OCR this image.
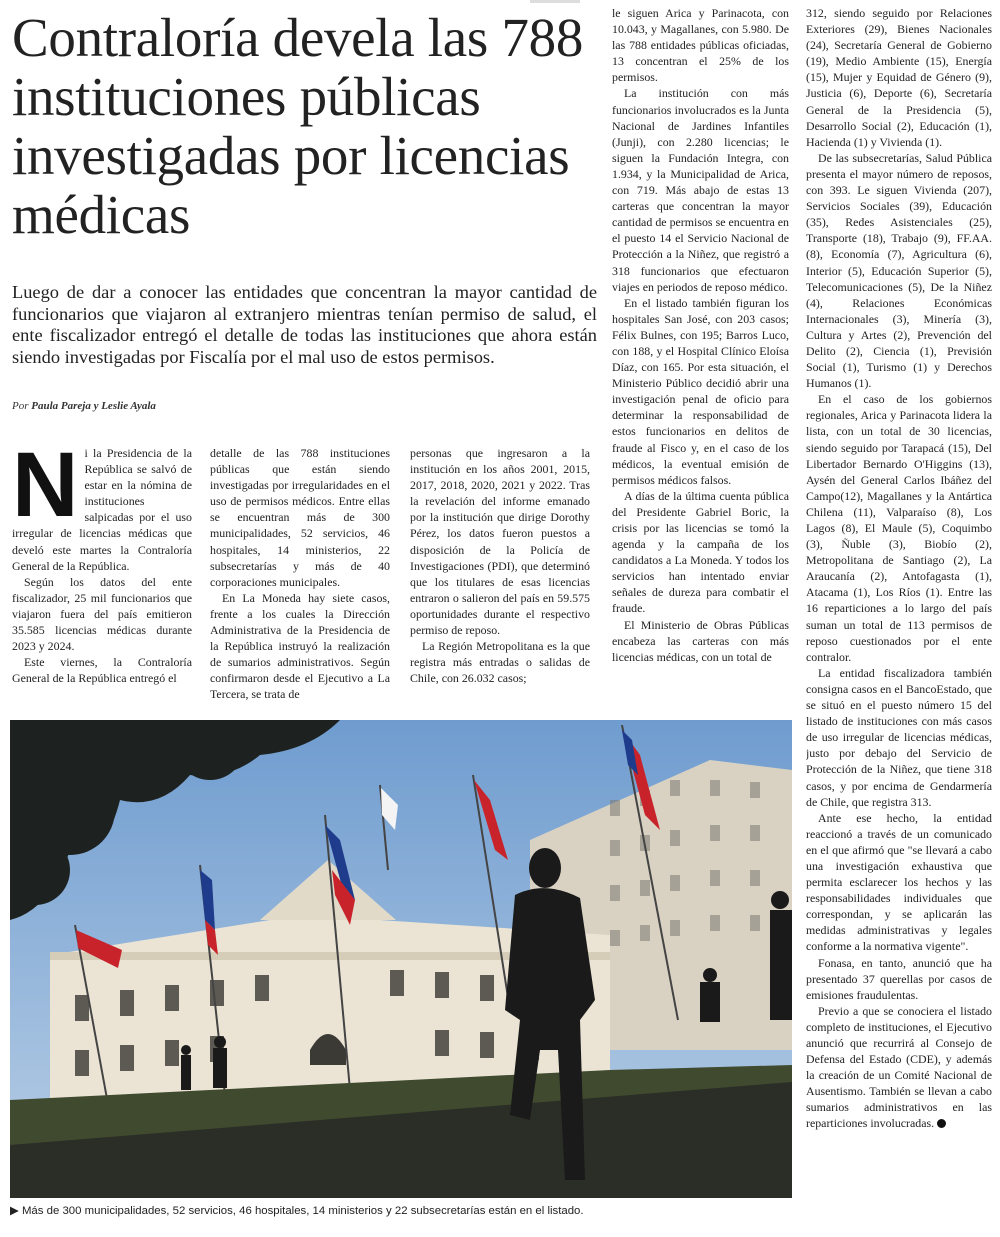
Contraloría devela las 788 instituciones públicas investigadas por licencias médicas

Luego de dar a conocer las entidades que concentran la mayor cantidad de funcionarios que viajaron al extranjero mientras tenían permiso de salud, el ente fiscalizador entregó el detalle de todas las instituciones que ahora están siendo investigadas por Fiscalía por el mal uso de estos permisos.

Por Paula Pareja y Leslie Ayala
N i la Presidencia de la República se salvó de estar en la nómina de instituciones salpicadas por el uso irregular de licencias médicas que develó este martes la Contraloría General de la República.

Según los datos del ente fiscalizador, 25 mil funcionarios que viajaron fuera del país emitieron 35.585 licencias médicas durante 2023 y 2024.

Este viernes, la Contraloría General de la República entregó el

detalle de las 788 instituciones públicas que están siendo investigadas por irregularidades en el uso de permisos médicos. Entre ellas se encuentran más de 300 municipalidades, 52 servicios, 46 hospitales, 14 ministerios, 22 subsecretarías y más de 40 corporaciones municipales.

En La Moneda hay siete casos, frente a los cuales la Dirección Administrativa de la Presidencia de la República instruyó la realización de sumarios administrativos. Según confirmaron desde el Ejecutivo a La Tercera, se trata de

personas que ingresaron a la institución en los años 2001, 2015, 2017, 2018, 2020, 2021 y 2022. Tras la revelación del informe emanado por la institución que dirige Dorothy Pérez, los datos fueron puestos a disposición de la Policía de Investigaciones (PDI), que determinó que los titulares de esas licencias entraron o salieron del país en 59.575 oportunidades durante el respectivo permiso de reposo.

La Región Metropolitana es la que registra más entradas o salidas de Chile, con 26.032 casos;

le siguen Arica y Parinacota, con 10.043, y Magallanes, con 5.980. De las 788 entidades públicas oficiadas, 13 concentran el 25% de los permisos.

La institución con más funcionarios involucrados es la Junta Nacional de Jardines Infantiles (Junji), con 2.280 licencias; le siguen la Fundación Integra, con 1.934, y la Municipalidad de Arica, con 719. Más abajo de estas 13 carteras que concentran la mayor cantidad de permisos se encuentra en el puesto 14 el Servicio Nacional de Protección a la Niñez, que registró a 318 funcionarios que efectuaron viajes en periodos de reposo médico.

En el listado también figuran los hospitales San José, con 203 casos; Félix Bulnes, con 195; Barros Luco, con 188, y el Hospital Clínico Eloísa Díaz, con 165. Por esta situación, el Ministerio Público decidió abrir una investigación penal de oficio para determinar la responsabilidad de estos funcionarios en delitos de fraude al Fisco y, en el caso de los médicos, la eventual emisión de permisos médicos falsos.

A días de la última cuenta pública del Presidente Gabriel Boric, la crisis por las licencias se tomó la agenda y la campaña de los candidatos a La Moneda. Y todos los servicios han intentado enviar señales de dureza para combatir el fraude.

El Ministerio de Obras Públicas encabeza las carteras con más licencias médicas, con un total de

312, siendo seguido por Relaciones Exteriores (29), Bienes Nacionales (24), Secretaría General de Gobierno (19), Medio Ambiente (15), Energía (15), Mujer y Equidad de Género (9), Justicia (6), Deporte (6), Secretaría General de la Presidencia (5), Desarrollo Social (2), Educación (1), Hacienda (1) y Vivienda (1).

De las subsecretarías, Salud Pública presenta el mayor número de reposos, con 393. Le siguen Vivienda (207), Servicios Sociales (39), Educación (35), Redes Asistenciales (25), Transporte (18), Trabajo (9), FF.AA. (8), Economía (7), Agricultura (6), Interior (5), Educación Superior (5), Telecomunicaciones (5), De la Niñez (4), Relaciones Económicas Internacionales (3), Minería (3), Cultura y Artes (2), Prevención del Delito (2), Ciencia (1), Previsión Social (1), Turismo (1) y Derechos Humanos (1).

En el caso de los gobiernos regionales, Arica y Parinacota lidera la lista, con un total de 30 licencias, siendo seguido por Tarapacá (15), Del Libertador Bernardo O'Higgins (13), Aysén del General Carlos Ibáñez del Campo(12), Magallanes y la Antártica Chilena (11), Valparaíso (8), Los Lagos (8), El Maule (5), Coquimbo (3), Ñuble (3), Biobío (2), Metropolitana de Santiago (2), La Araucanía (2), Antofagasta (1), Atacama (1), Los Ríos (1). Entre las 16 reparticiones a lo largo del país suman un total de 113 permisos de reposo cuestionados por el ente contralor.

La entidad fiscalizadora también consigna casos en el BancoEstado, que se situó en el puesto número 15 del listado de instituciones con más casos de uso irregular de licencias médicas, justo por debajo del Servicio de Protección de la Niñez, que tiene 318 casos, y por encima de Gendarmería de Chile, que registra 313.

Ante ese hecho, la entidad reaccionó a través de un comunicado en el que afirmó que "se llevará a cabo una investigación exhaustiva que permita esclarecer los hechos y las responsabilidades individuales que correspondan, y se aplicarán las medidas administrativas y legales conforme a la normativa vigente".

Fonasa, en tanto, anunció que ha presentado 37 querellas por casos de emisiones fraudulentas.

Previo a que se conociera el listado completo de instituciones, el Ejecutivo anunció que recurrirá al Consejo de Defensa del Estado (CDE), y además la creación de un Comité Nacional de Ausentismo. También se llevan a cabo sumarios administrativos en las reparticiones involucradas.

▶ Más de 300 municipalidades, 52 servicios, 46 hospitales, 14 ministerios y 22 subsecretarías están en el listado.
